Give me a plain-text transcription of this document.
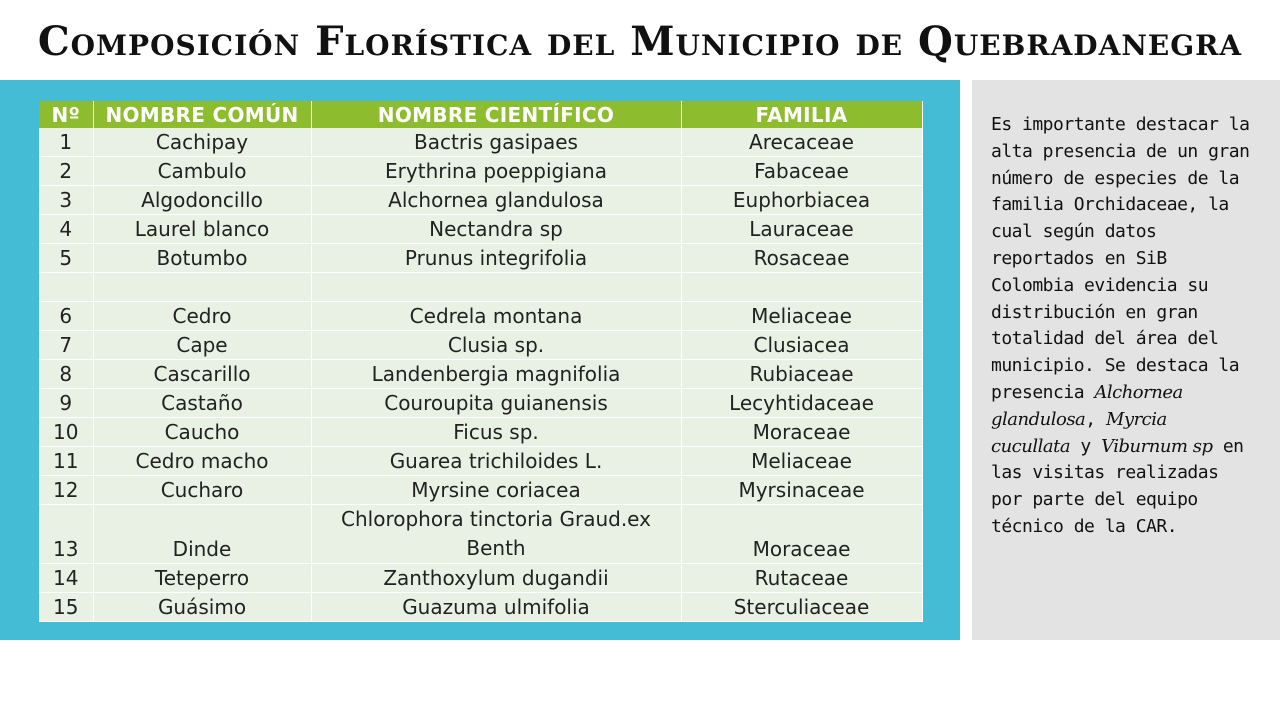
Composición Florística del Municipio de Quebradanegra
Nº	NOMBRE COMÚN	NOMBRE CIENTÍFICO	FAMILIA
1	Cachipay	Bactris gasipaes	Arecaceae
2	Cambulo	Erythrina poeppigiana	Fabaceae
3	Algodoncillo	Alchornea glandulosa	Euphorbiacea
4	Laurel blanco	Nectandra sp	Lauraceae
5	Botumbo	Prunus integrifolia	Rosaceae

6	Cedro	Cedrela montana	Meliaceae
7	Cape	Clusia sp.	Clusiacea
8	Cascarillo	Landenbergia magnifolia	Rubiaceae
9	Castaño	Couroupita guianensis	Lecyhtidaceae
10	Caucho	Ficus sp.	Moraceae
11	Cedro macho	Guarea trichiloides L.	Meliaceae
12	Cucharo	Myrsine coriacea	Myrsinaceae
13	Dinde	Chlorophora tinctoria Graud.ex Benth	Moraceae
14	Teteperro	Zanthoxylum dugandii	Rutaceae
15	Guásimo	Guazuma ulmifolia	Sterculiaceae
Es importante destacar la alta presencia de un gran número de especies de la familia Orchidaceae, la cual según datos reportados en SiB Colombia evidencia su distribución en gran totalidad del área del municipio. Se destaca la presencia Alchornea glandulosa, Myrcia cucullata y Viburnum sp en las visitas realizadas por parte del equipo técnico de la CAR.
